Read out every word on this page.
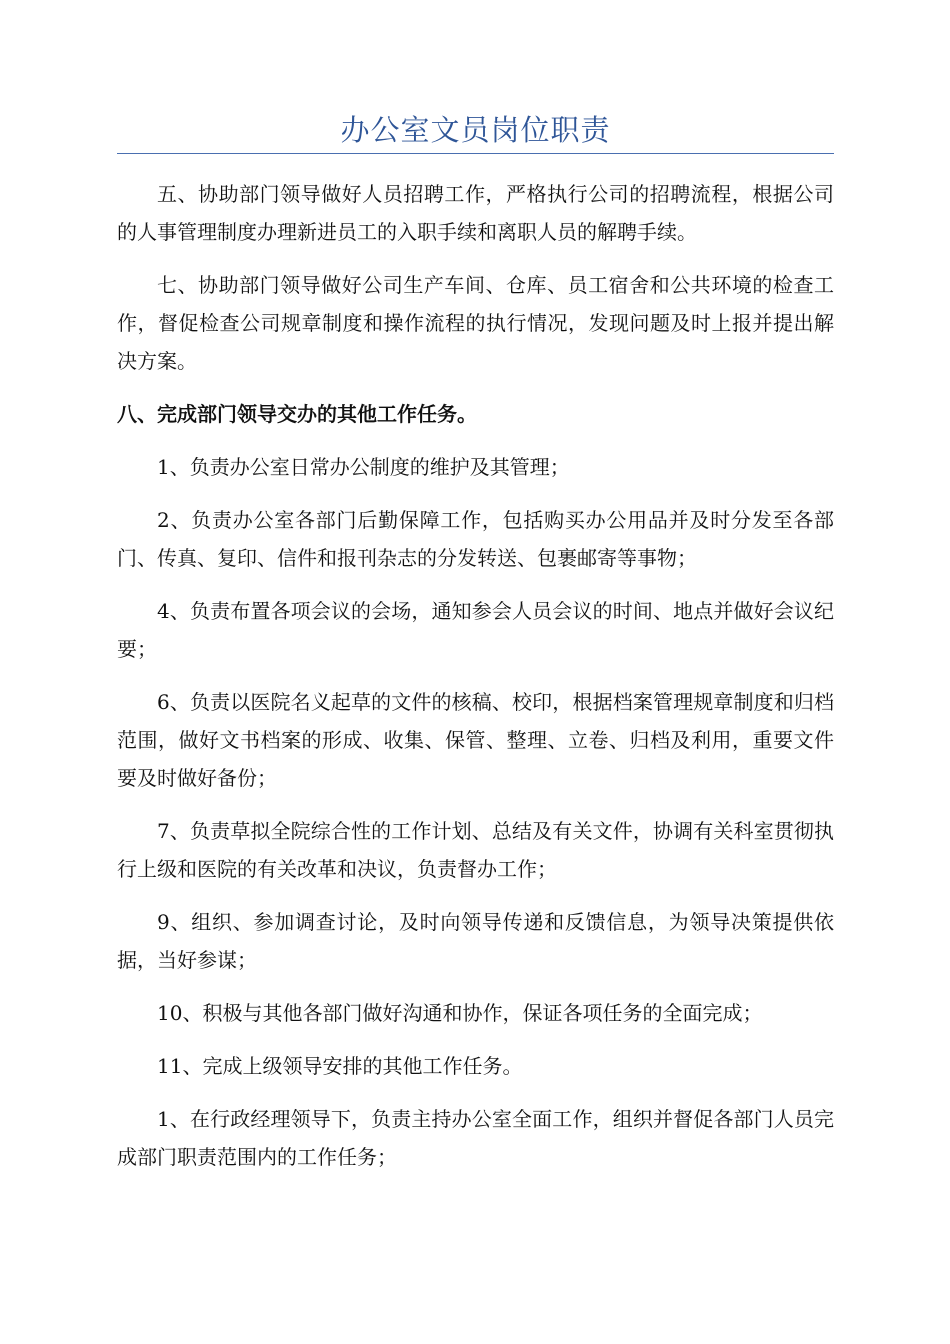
办公室文员岗位职责

五、协助部门领导做好人员招聘工作，严格执行公司的招聘流程，根据公司的人事管理制度办理新进员工的入职手续和离职人员的解聘手续。

七、协助部门领导做好公司生产车间、仓库、员工宿舍和公共环境的检查工作，督促检查公司规章制度和操作流程的执行情况，发现问题及时上报并提出解决方案。

八、完成部门领导交办的其他工作任务。

1、负责办公室日常办公制度的维护及其管理；

2、负责办公室各部门后勤保障工作，包括购买办公用品并及时分发至各部门、传真、复印、信件和报刊杂志的分发转送、包裹邮寄等事物；

4、负责布置各项会议的会场，通知参会人员会议的时间、地点并做好会议纪要；

6、负责以医院名义起草的文件的核稿、校印，根据档案管理规章制度和归档范围，做好文书档案的形成、收集、保管、整理、立卷、归档及利用，重要文件要及时做好备份；

7、负责草拟全院综合性的工作计划、总结及有关文件，协调有关科室贯彻执行上级和医院的有关改革和决议，负责督办工作；

9、组织、参加调查讨论，及时向领导传递和反馈信息，为领导决策提供依据，当好参谋；

10、积极与其他各部门做好沟通和协作，保证各项任务的全面完成；

11、完成上级领导安排的其他工作任务。

1、在行政经理领导下，负责主持办公室全面工作，组织并督促各部门人员完成部门职责范围内的工作任务；
